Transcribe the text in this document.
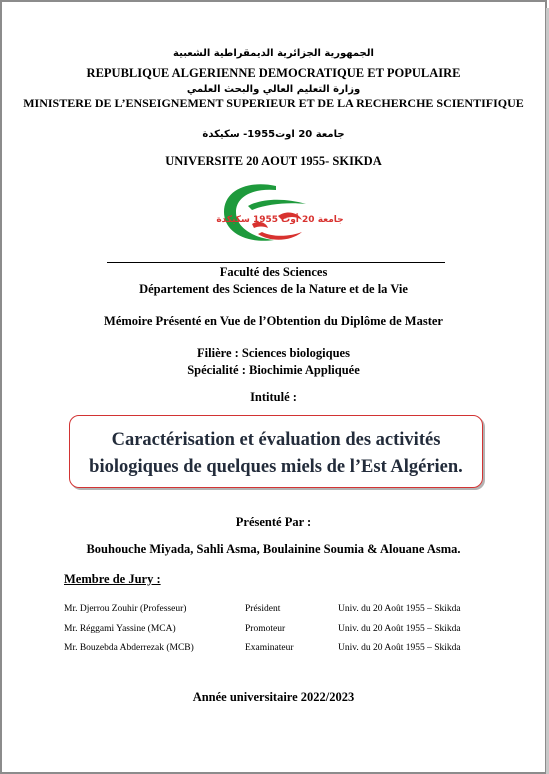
الجمهورية الجزائرية الديمقراطية الشعبية
REPUBLIQUE ALGERIENNE DEMOCRATIQUE ET POPULAIRE
وزارة التعليم العالي والبحث العلمي
MINISTERE DE L’ENSEIGNEMENT SUPERIEUR ET DE LA RECHERCHE SCIENTIFIQUE
جامعة 20 اوت1955- سكيكدة
UNIVERSITE 20 AOUT 1955- SKIKDA
جامعة 20 أوت 1955 سكيكدة
Faculté des Sciences
Département des Sciences de la Nature et de la Vie
Mémoire Présenté en Vue de l’Obtention du Diplôme de Master
Filière : Sciences biologiques
Spécialité : Biochimie Appliquée
Intitulé :
Caractérisation et évaluation des activités
biologiques de quelques miels de l’Est Algérien.
Présenté Par :
Bouhouche Miyada, Sahli Asma, Boulainine Soumia & Alouane Asma.
Membre de Jury :
Mr. Djerrou Zouhir (Professeur)	Président	Univ. du 20 Août 1955 – Skikda
Mr. Réggami Yassine (MCA)	Promoteur	Univ. du 20 Août 1955 – Skikda
Mr. Bouzebda Abderrezak (MCB)	Examinateur	Univ. du 20 Août 1955 – Skikda
Année universitaire 2022/2023
